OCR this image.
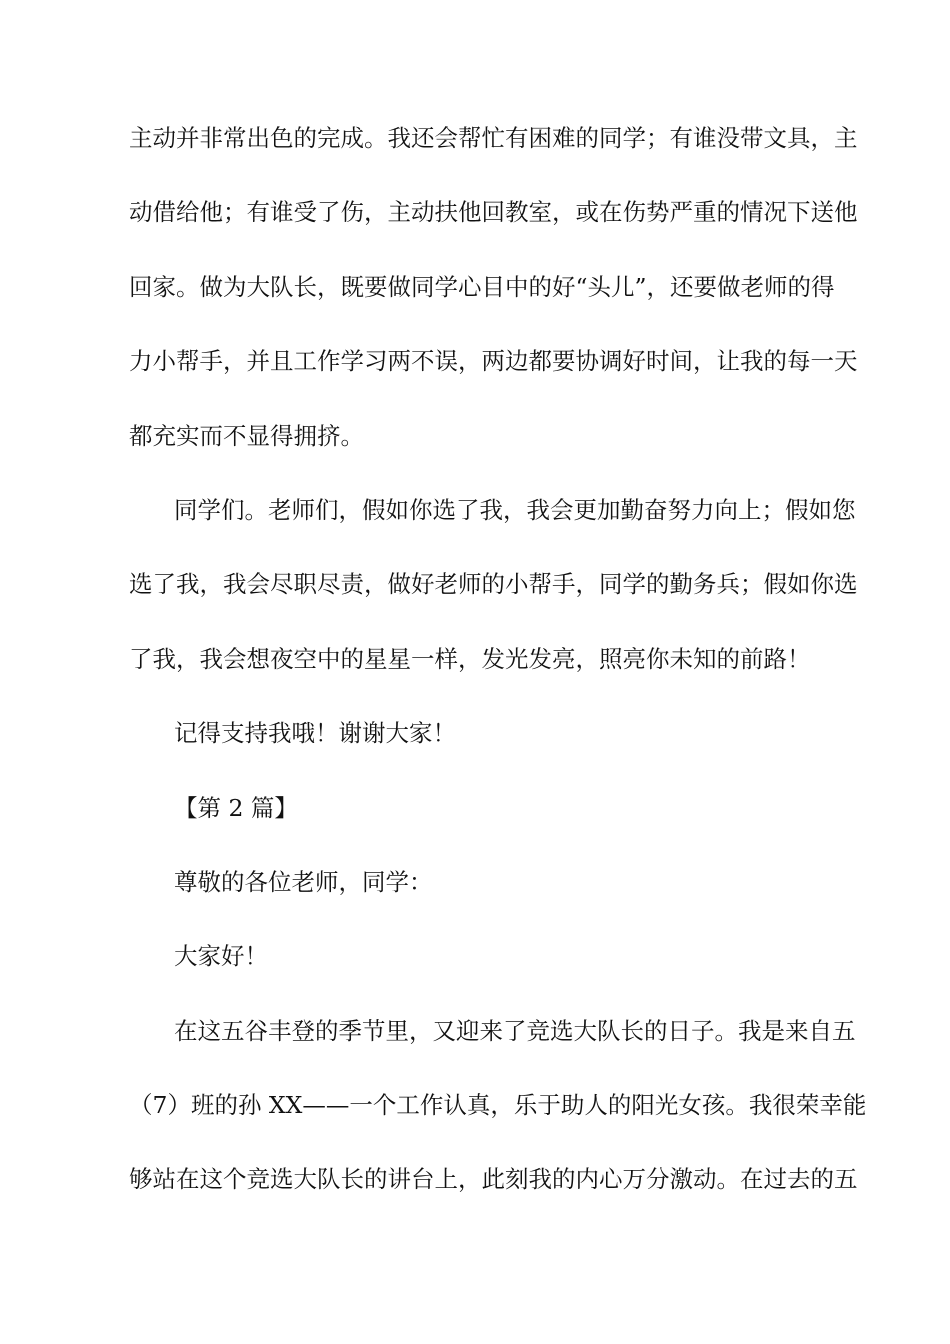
主动并非常出色的完成。我还会帮忙有困难的同学；有谁没带文具，主
动借给他；有谁受了伤，主动扶他回教室，或在伤势严重的情况下送他
回家。做为大队长，既要做同学心目中的好“头儿”，还要做老师的得
力小帮手，并且工作学习两不误，两边都要协调好时间，让我的每一天
都充实而不显得拥挤。
同学们。老师们，假如你选了我，我会更加勤奋努力向上；假如您
选了我，我会尽职尽责，做好老师的小帮手，同学的勤务兵；假如你选
了我，我会想夜空中的星星一样，发光发亮，照亮你未知的前路！
记得支持我哦！谢谢大家！
【第 2 篇】
尊敬的各位老师，同学：
大家好！
在这五谷丰登的季节里，又迎来了竞选大队长的日子。我是来自五
（7）班的孙 XX——一个工作认真，乐于助人的阳光女孩。我很荣幸能
够站在这个竞选大队长的讲台上，此刻我的内心万分激动。在过去的五
